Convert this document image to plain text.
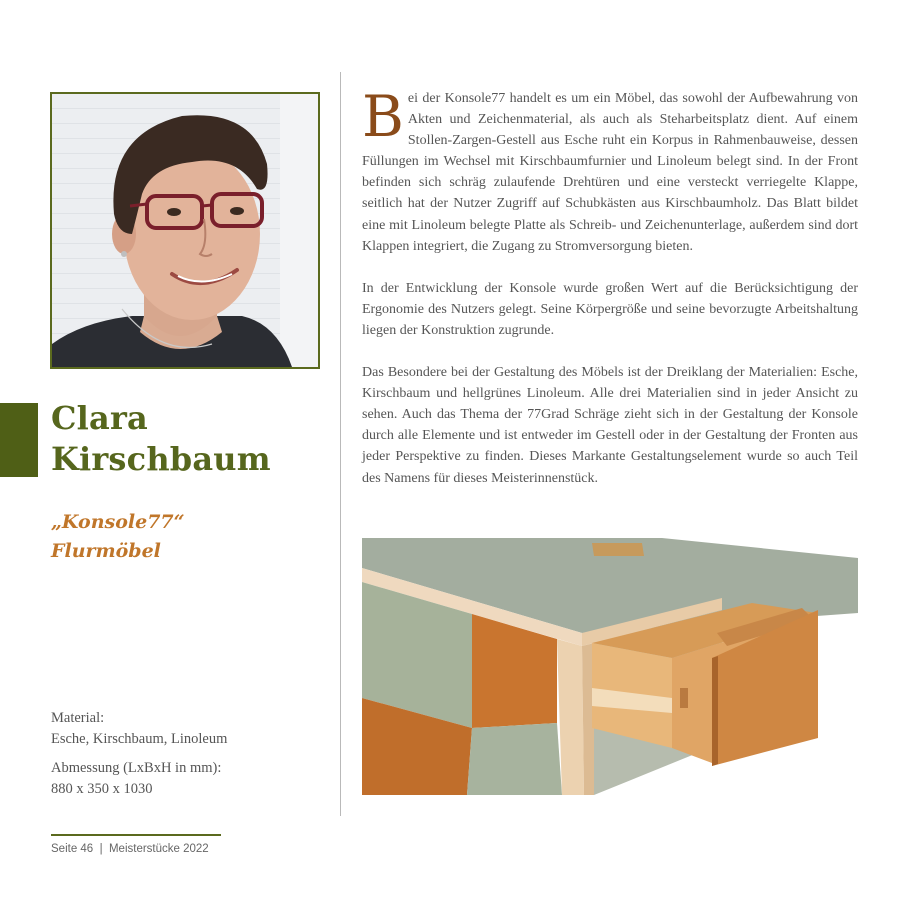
Clara
Kirschbaum
„Konsole77“
Flurmöbel
Material:
Esche, Kirschbaum, Linoleum
Abmessung (LxBxH in mm):
880 x 350 x 1030
Seite 46  |  Meisterstücke 2022

Bei der Konsole77 handelt es um ein Möbel, das sowohl der Aufbewahrung von Akten und Zeichenmaterial, als auch als Steharbeitsplatz dient. Auf einem Stollen-Zargen-Gestell aus Esche ruht ein Korpus in Rahmenbauweise, dessen Füllungen im Wechsel mit Kirschbaumfurnier und Linoleum belegt sind. In der Front befinden sich schräg zulaufende Drehtüren und eine versteckt verriegelte Klappe, seitlich hat der Nutzer Zugriff auf Schubkästen aus Kirschbaumholz. Das Blatt bildet eine mit Linoleum belegte Platte als Schreib- und Zeichenunterlage, außerdem sind dort Klappen integriert, die Zugang zu Stromversorgung bieten.

In der Entwicklung der Konsole wurde großen Wert auf die Berücksichtigung der Ergonomie des Nutzers gelegt. Seine Körpergröße und seine bevorzugte Arbeitshaltung liegen der Konstruktion zugrunde.

Das Besondere bei der Gestaltung des Möbels ist der Dreiklang der Materialien: Esche, Kirschbaum und hellgrünes Linoleum. Alle drei Materialien sind in jeder Ansicht zu sehen. Auch das Thema der 77Grad Schräge zieht sich in der Gestaltung der Konsole durch alle Elemente und ist entweder im Gestell oder in der Gestaltung der Fronten aus jeder Perspektive zu finden. Dieses Markante Gestaltungselement wurde so auch Teil des Namens für dieses Meisterinnenstück.
